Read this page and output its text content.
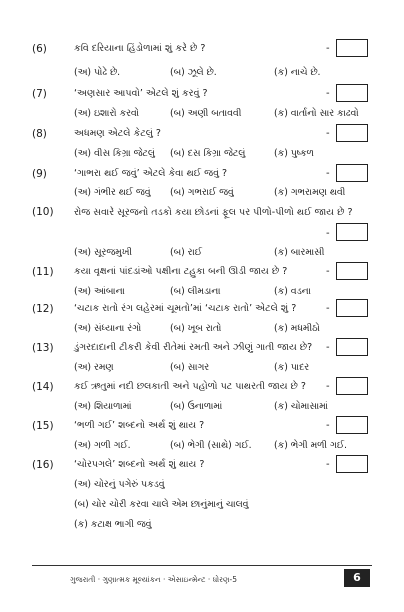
(6)	કવિ દરિયાના હિંડોળામાં શું કરે છે ?	-
(અ) પોઢે છે.	(બ) ઝૂલે છે.	(ક) નાચે છે.
(7)	‘અણસાર આપવો’ એટલે શું કરવું ?	-
(અ) ઇશારો કરવો	(બ) અણી બતાવવી	(ક) વાર્તાનો સાર કાઢવો
(8)	અધમણ એટલે કેટલું ?	-
(અ) વીસ કિગ્રા જેટલું (બ) દસ કિગ્રા જેટલું	(ક) પુષ્કળ
(9)	‘ગાભરા થઈ જવું’ એટલે કેવા થઈ જવું ?	-
(અ) ગંભીર થઈ જવું (બ) ગભરાઈ જવું	(ક) ગભરામણ થવી
(10) રોજ સવારે સૂરજનો તડકો કયા છોડનાં ફૂલ પર પીળો-પીળો થઈ જાય છે ?
-
(અ) સૂરજમુખી	(બ) રાઈ	(ક) બારમાસી
(11) કયા વૃક્ષનાં પાંદડાંઓ પક્ષીના ટહુકા બની ઊડી જાય છે ?	-
(અ) આંબાના	(બ) લીમડાના	(ક) વડના
(12) ‘ચટાક રાતો રંગ લહેરમાં ચૂમતો’માં ‘ચટાક રાતો’ એટલે શું ?	-
(અ) સંધ્યાના રંગો	(બ) ખૂબ રાતો	(ક) મધમીઠો
(13) ડુંગરદાદાની ટીકરી કેવી રીતેમાં રમતી અને ઝીણું ગાતી જાય છે?	-
(અ) રમણ	(બ) સાગર	(ક) પાદર
(14) કઈ ઋતુમાં નદી છલકાતી અને પહોળો પટ પાથરતી જાય છે ?	-
(અ) શિયાળામાં	(બ) ઉનાળામાં	(ક) ચોમાસામાં
(15) ‘ભળી ગઈ’ શબ્દનો અર્થ શું થાય ?	-
(અ) ગળી ગઈ.	(બ) ભેગી (સાથે) ગઈ. (ક) ભેગી મળી ગઈ.
(16) ‘ચોરપગલે’ શબ્દનો અર્થ શું થાય ?	-
(અ) ચોરનું પગેરું પકડવું
(બ) ચોર ચોરી કરવા ચાલે એમ છાનુંમાનું ચાલવું
(ક) કટાક્ષ ભાગી જવું
ગુજરાતી · ગુણાત્મક મૂલ્યાંકન · એસાઇન્મેન્ટ · ધોરણ-5	6
